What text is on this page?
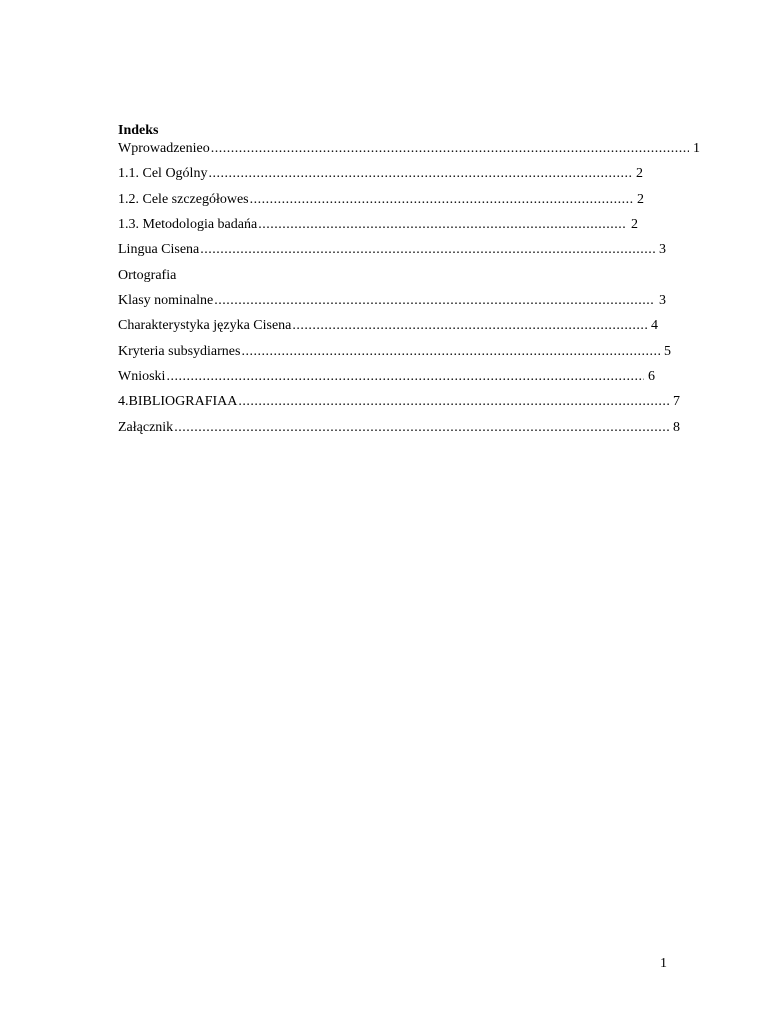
Indeks
Wprowadzenieo .....	1
1.1. Cel Ogólny .....	2
1.2. Cele szczegółowes .....	2
1.3. Metodologia badańa .....	2
Lingua Cisena .....	3
Ortografia
Klasy nominalne .....	3
Charakterystyka języka Cisena .....	4
Kryteria subsydiarnes .....	5
Wnioski .....	6
4.BIBLIOGRAFIAA .....	7
Załącznik .....	8
1
